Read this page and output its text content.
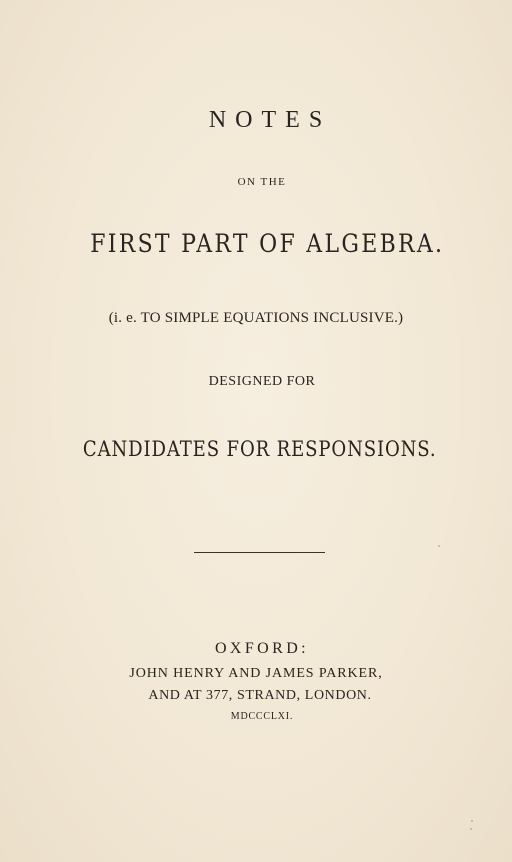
NOTES
ON THE
FIRST PART OF ALGEBRA.
(i. e. TO SIMPLE EQUATIONS INCLUSIVE.)
DESIGNED FOR
CANDIDATES FOR RESPONSIONS.
OXFORD:
JOHN HENRY AND JAMES PARKER,
AND AT 377, STRAND, LONDON.
MDCCCLXI.
